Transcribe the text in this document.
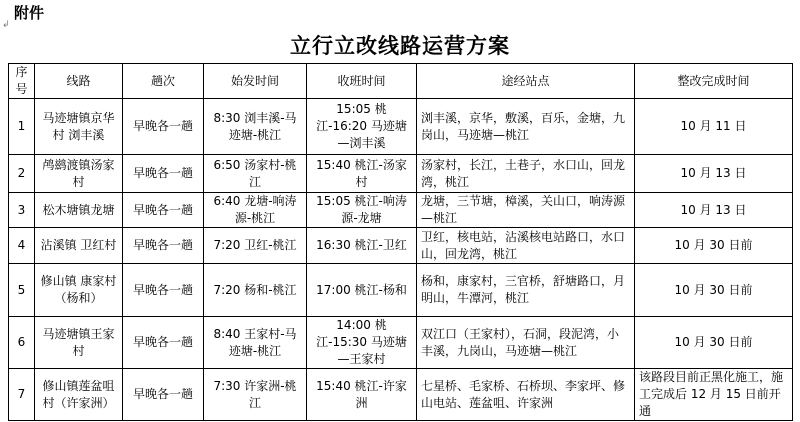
附件
↲
立行立改线路运营方案
序号	线路	趟次	始发时间	收班时间	途经站点	整改完成时间
1	马迹塘镇京华村 浏丰溪	早晚各一趟	8:30 浏丰溪-马迹塘-桃江	15:05 桃江-16:20 马迹塘—浏丰溪	浏丰溪，京华，敷溪，百乐，金塘，九岗山，马迹塘—桃江	10 月 11 日
2	鸬鹚渡镇汤家村	早晚各一趟	6:50 汤家村-桃江	15:40 桃江-汤家村	汤家村，长江，土巷子，水口山，回龙湾，桃江	10 月 13 日
3	松木塘镇龙塘	早晚各一趟	6:40 龙塘-响涛源-桃江	15:05 桃江-响涛源-龙塘	龙塘，三节塘，樟溪，关山口，响涛源—桃江	10 月 13 日
4	沾溪镇 卫红村	早晚各一趟	7:20 卫红-桃江	16:30 桃江-卫红	卫红，核电站，沾溪核电站路口，水口山，回龙湾，桃江	10 月 30 日前
5	修山镇 康家村（杨和）	早晚各一趟	7:20 杨和-桃江	17:00 桃江-杨和	杨和，康家村，三官桥，舒塘路口，月明山，牛潭河，桃江	10 月 30 日前
6	马迹塘镇王家村	早晚各一趟	8:40 王家村-马迹塘-桃江	14:00 桃江-15:30 马迹塘—王家村	双江口（王家村），石洞，段泥湾，小丰溪，九岗山，马迹塘—桃江	10 月 30 日前
7	修山镇莲盆咀村（许家洲）	早晚各一趟	7:30 许家洲-桃江	15:40 桃江-许家洲	七星桥、毛家桥、石桥坝、李家坪、修山电站、莲盆咀、许家洲	该路段目前正黑化施工，施工完成后 12 月 15 日前开通
